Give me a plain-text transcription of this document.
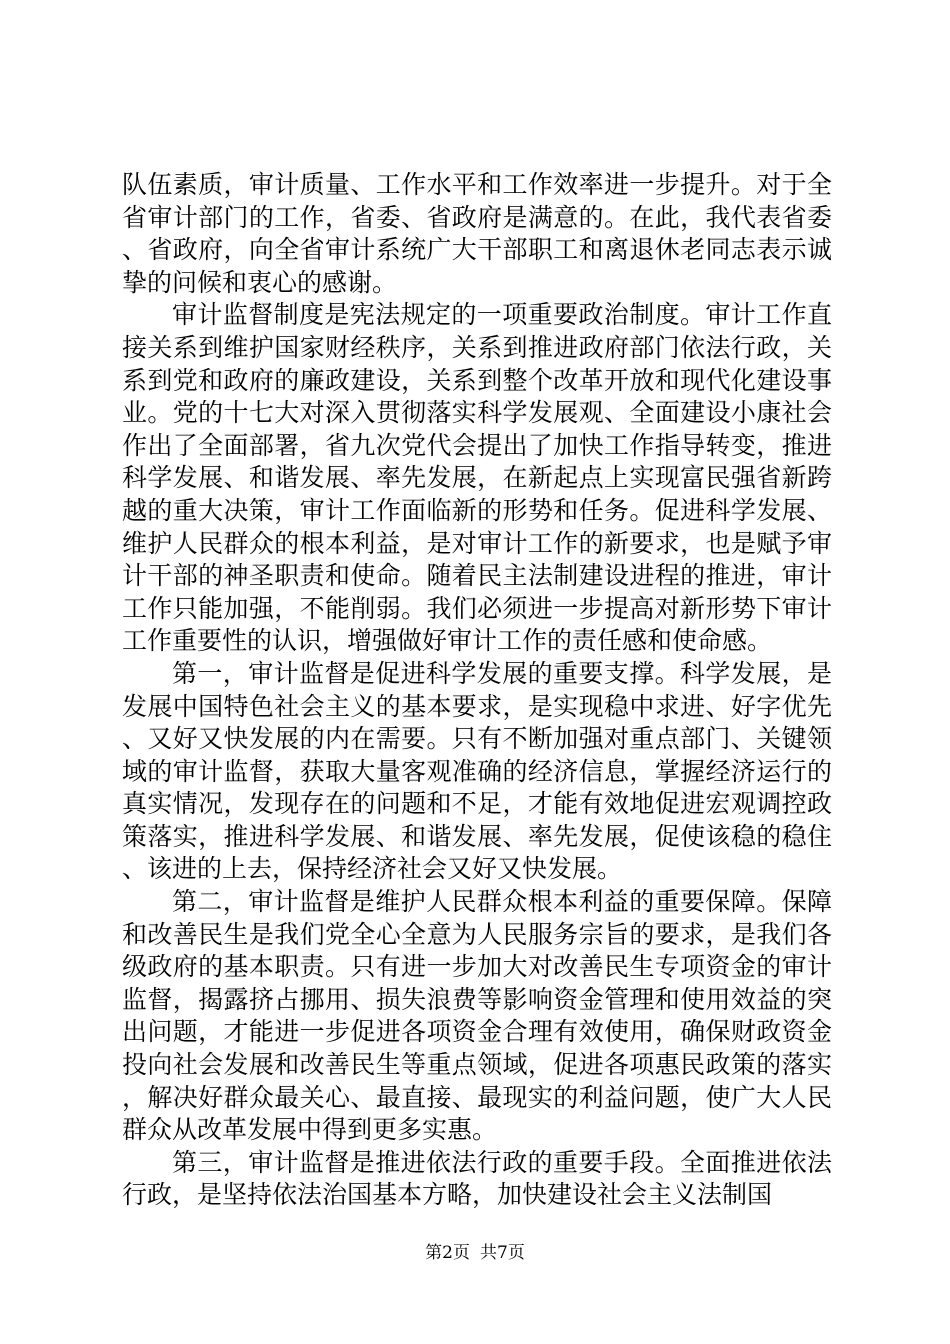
队伍素质，审计质量、工作水平和工作效率进一步提升。对于全省审计部门的工作，省委、省政府是满意的。在此，我代表省委、省政府，向全省审计系统广大干部职工和离退休老同志表示诚挚的问候和衷心的感谢。

审计监督制度是宪法规定的一项重要政治制度。审计工作直接关系到维护国家财经秩序，关系到推进政府部门依法行政，关系到党和政府的廉政建设，关系到整个改革开放和现代化建设事业。党的十七大对深入贯彻落实科学发展观、全面建设小康社会作出了全面部署，省九次党代会提出了加快工作指导转变，推进科学发展、和谐发展、率先发展，在新起点上实现富民强省新跨越的重大决策，审计工作面临新的形势和任务。促进科学发展、维护人民群众的根本利益，是对审计工作的新要求，也是赋予审计干部的神圣职责和使命。随着民主法制建设进程的推进，审计工作只能加强，不能削弱。我们必须进一步提高对新形势下审计工作重要性的认识，增强做好审计工作的责任感和使命感。

第一，审计监督是促进科学发展的重要支撑。科学发展，是发展中国特色社会主义的基本要求，是实现稳中求进、好字优先、又好又快发展的内在需要。只有不断加强对重点部门、关键领域的审计监督，获取大量客观准确的经济信息，掌握经济运行的真实情况，发现存在的问题和不足，才能有效地促进宏观调控政策落实，推进科学发展、和谐发展、率先发展，促使该稳的稳住、该进的上去，保持经济社会又好又快发展。

第二，审计监督是维护人民群众根本利益的重要保障。保障和改善民生是我们党全心全意为人民服务宗旨的要求，是我们各级政府的基本职责。只有进一步加大对改善民生专项资金的审计监督，揭露挤占挪用、损失浪费等影响资金管理和使用效益的突出问题，才能进一步促进各项资金合理有效使用，确保财政资金投向社会发展和改善民生等重点领域，促进各项惠民政策的落实，解决好群众最关心、最直接、最现实的利益问题，使广大人民群众从改革发展中得到更多实惠。

第三，审计监督是推进依法行政的重要手段。全面推进依法行政，是坚持依法治国基本方略，加快建设社会主义法制国

第2页 共7页
